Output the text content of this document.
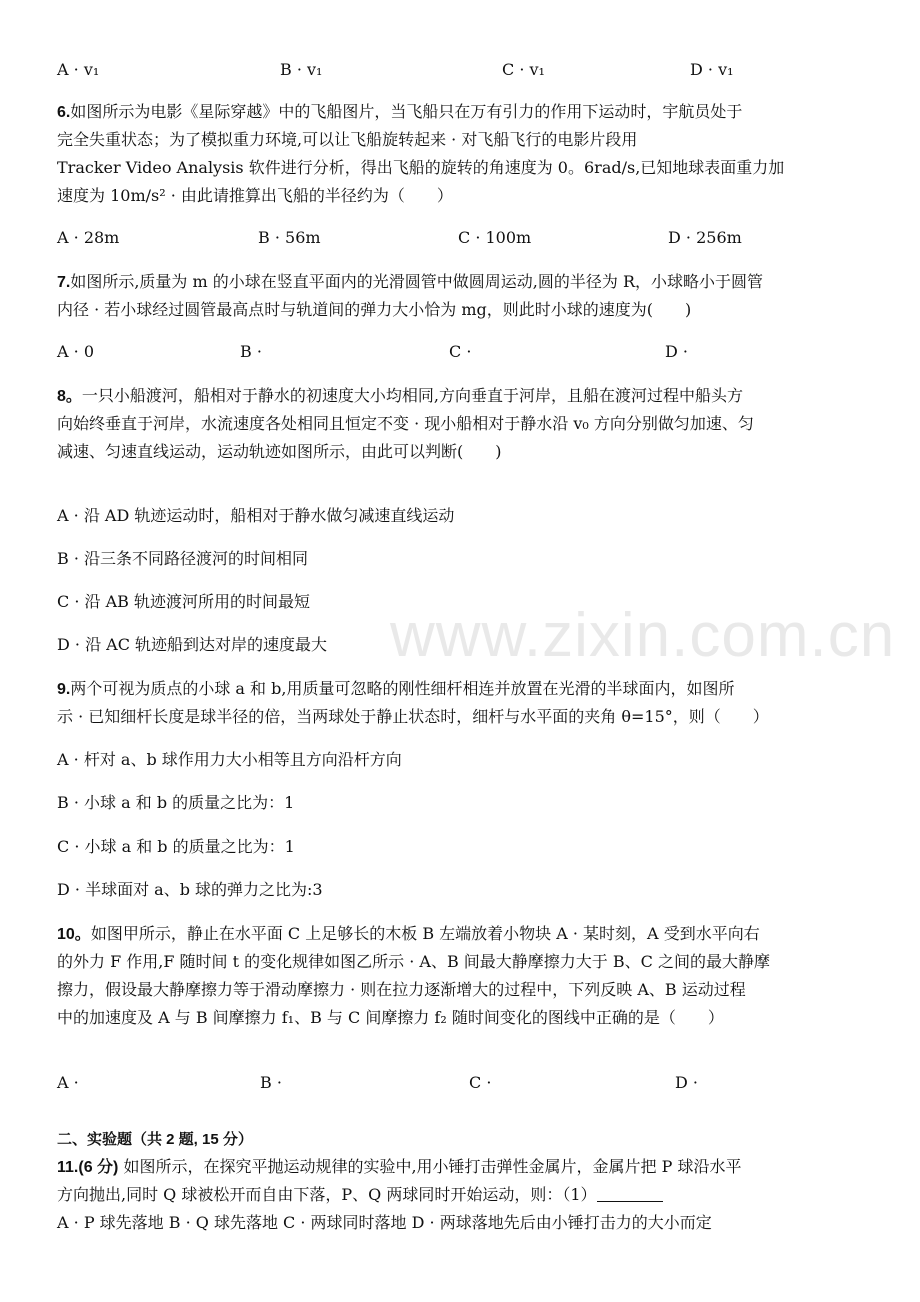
www.zixin.com.cn
A · v₁	B · v₁	C · v₁	D · v₁
6.如图所示为电影《星际穿越》中的飞船图片，当飞船只在万有引力的作用下运动时，宇航员处于
完全失重状态；为了模拟重力环境,可以让飞船旋转起来 · 对飞船飞行的电影片段用
Tracker Video Analysis 软件进行分析，得出飞船的旋转的角速度为 0。6rad/s,已知地球表面重力加
速度为 10m/s² · 由此请推算出飞船的半径约为（　　）
A · 28m	B · 56m	C · 100m	D · 256m
7.如图所示,质量为 m 的小球在竖直平面内的光滑圆管中做圆周运动,圆的半径为 R，小球略小于圆管
内径 · 若小球经过圆管最高点时与轨道间的弹力大小恰为 mg，则此时小球的速度为(　　)
A · 0	B ·	C ·	D ·
8。一只小船渡河，船相对于静水的初速度大小均相同,方向垂直于河岸，且船在渡河过程中船头方
向始终垂直于河岸，水流速度各处相同且恒定不变 · 现小船相对于静水沿 v₀ 方向分别做匀加速、匀
减速、匀速直线运动，运动轨迹如图所示，由此可以判断(　　)
A · 沿 AD 轨迹运动时，船相对于静水做匀减速直线运动
B · 沿三条不同路径渡河的时间相同
C · 沿 AB 轨迹渡河所用的时间最短
D · 沿 AC 轨迹船到达对岸的速度最大
9.两个可视为质点的小球 a 和 b,用质量可忽略的刚性细杆相连并放置在光滑的半球面内，如图所
示 · 已知细杆长度是球半径的倍，当两球处于静止状态时，细杆与水平面的夹角 θ=15°，则（　　）
A · 杆对 a、b 球作用力大小相等且方向沿杆方向
B · 小球 a 和 b 的质量之比为：1
C · 小球 a 和 b 的质量之比为：1
D · 半球面对 a、b 球的弹力之比为:3
10。如图甲所示，静止在水平面 C 上足够长的木板 B 左端放着小物块 A · 某时刻，A 受到水平向右
的外力 F 作用,F 随时间 t 的变化规律如图乙所示 · A、B 间最大静摩擦力大于 B、C 之间的最大静摩
擦力，假设最大静摩擦力等于滑动摩擦力 · 则在拉力逐渐增大的过程中，下列反映 A、B 运动过程
中的加速度及 A 与 B 间摩擦力 f₁、B 与 C 间摩擦力 f₂ 随时间变化的图线中正确的是（　　）
A ·	B ·	C ·	D ·
二、实验题（共 2 题, 15 分）
11.(6 分) 如图所示，在探究平抛运动规律的实验中,用小锤打击弹性金属片，金属片把 P 球沿水平
方向抛出,同时 Q 球被松开而自由下落，P、Q 两球同时开始运动，则：（1）
A · P 球先落地 B · Q 球先落地 C · 两球同时落地 D · 两球落地先后由小锤打击力的大小而定
